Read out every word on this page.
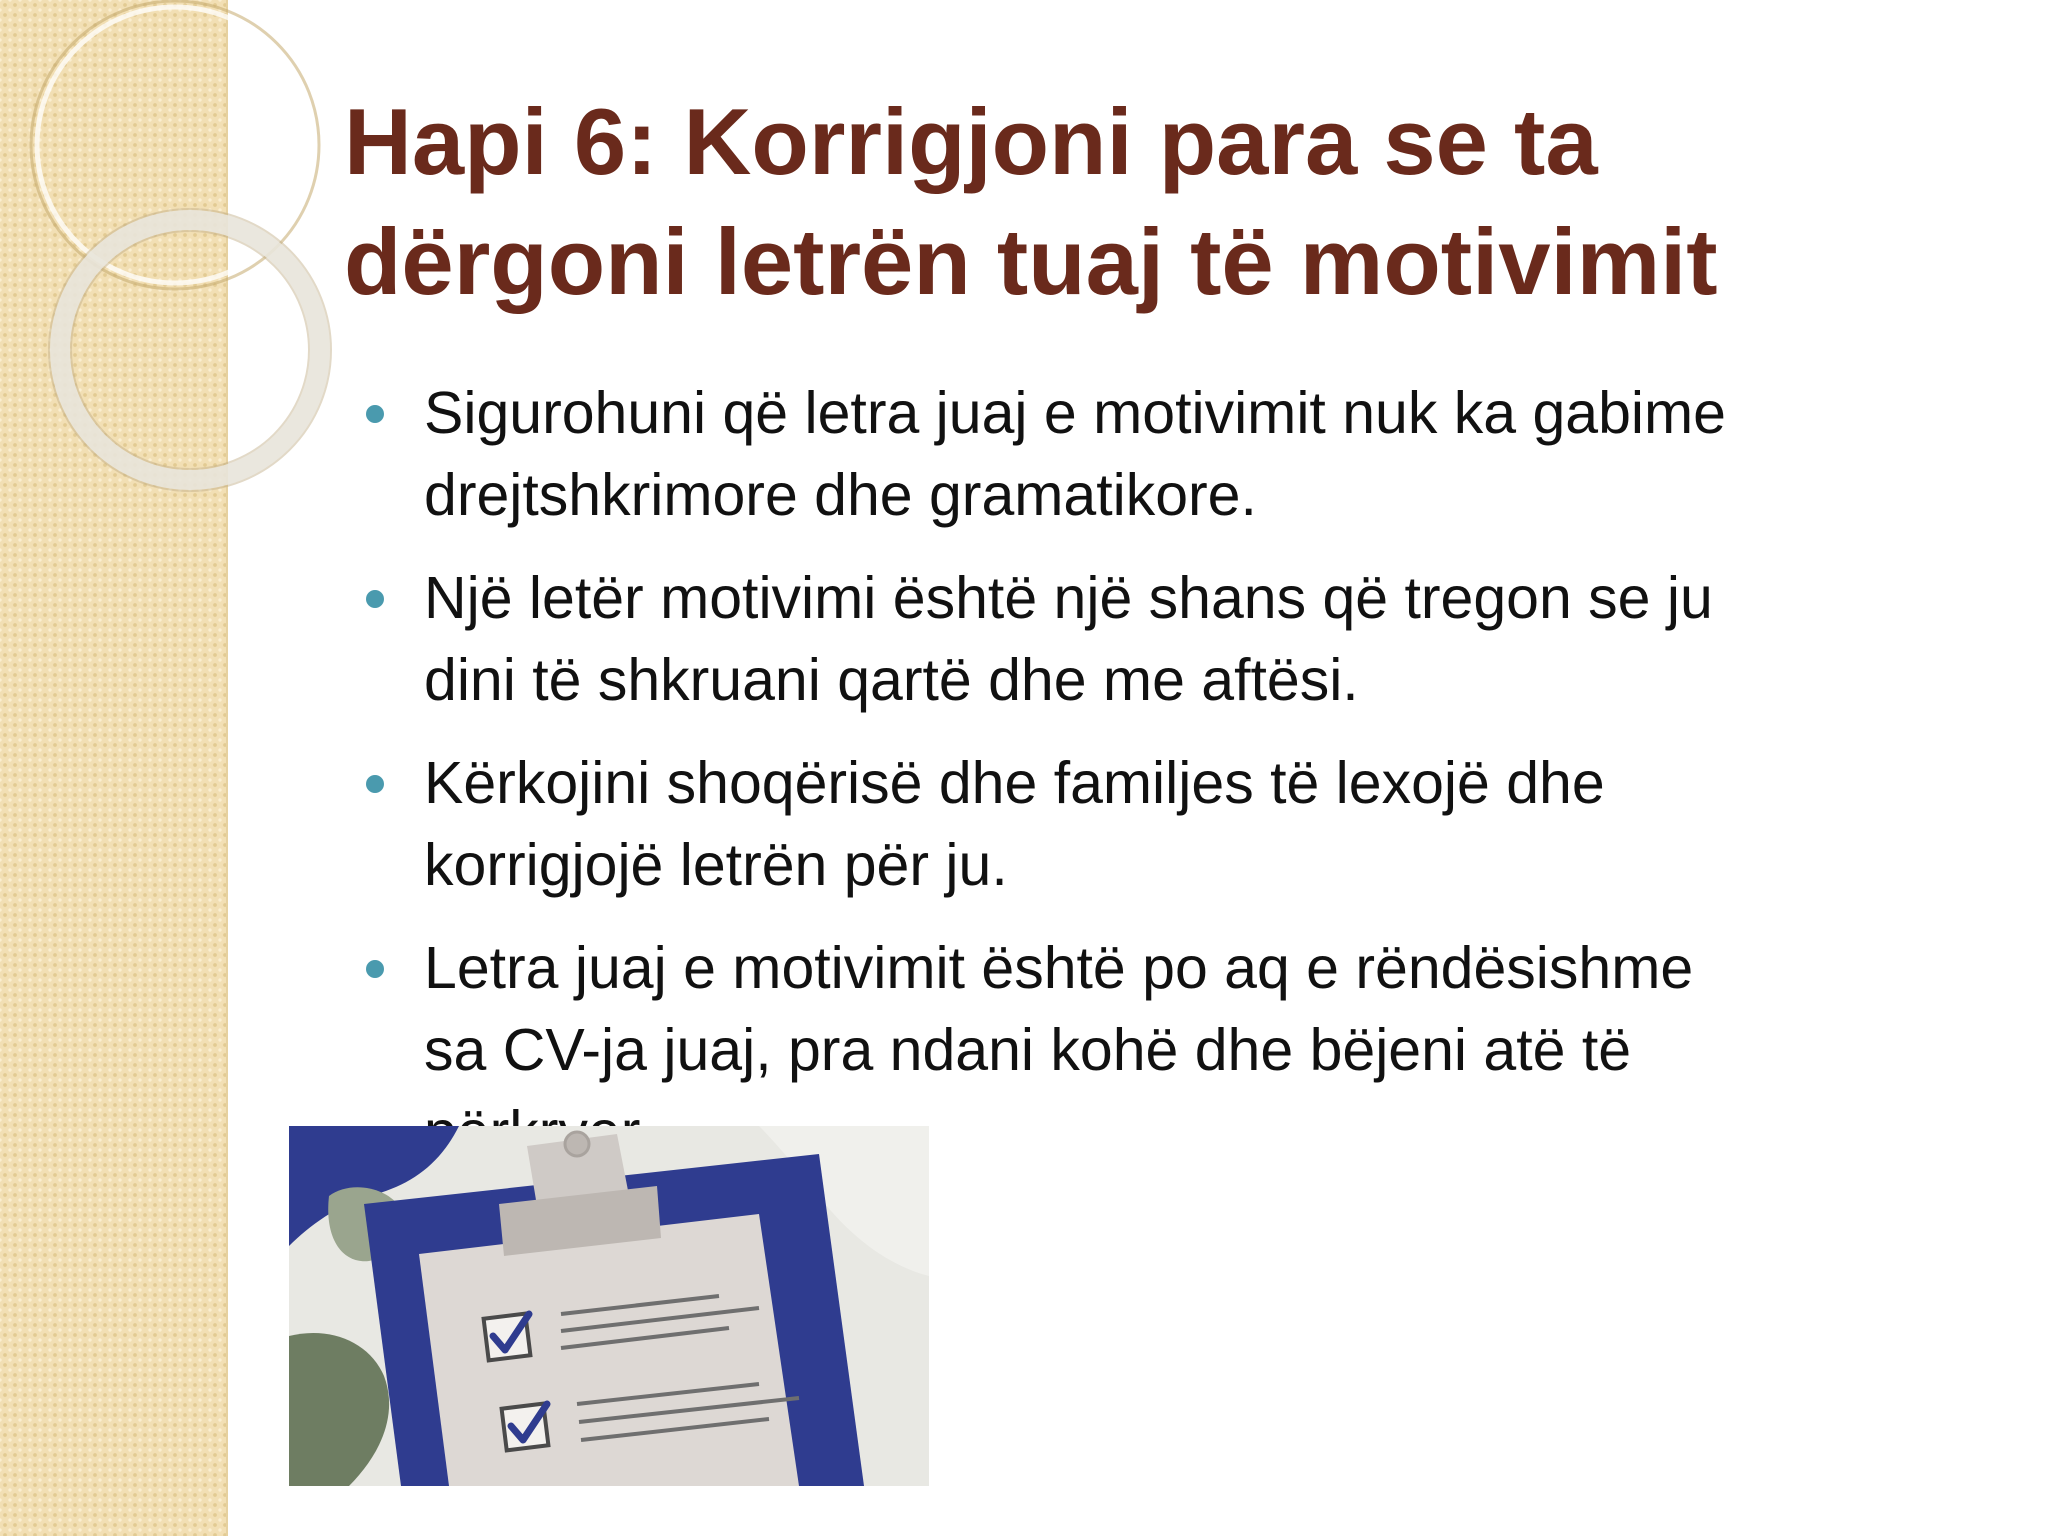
Hapi 6: Korrigjoni para se ta
dërgoni letrën tuaj të motivimit
Sigurohuni që letra juaj e motivimit nuk ka gabime
drejtshkrimore dhe gramatikore.
Një letër motivimi është një shans që tregon se ju
dini të shkruani qartë dhe me aftësi.
Kërkojini shoqërisë dhe familjes të lexojë dhe
korrigjojë letrën për ju.
Letra juaj e motivimit është po aq e rëndësishme
sa CV-ja juaj, pra ndani kohë dhe bëjeni atë të
